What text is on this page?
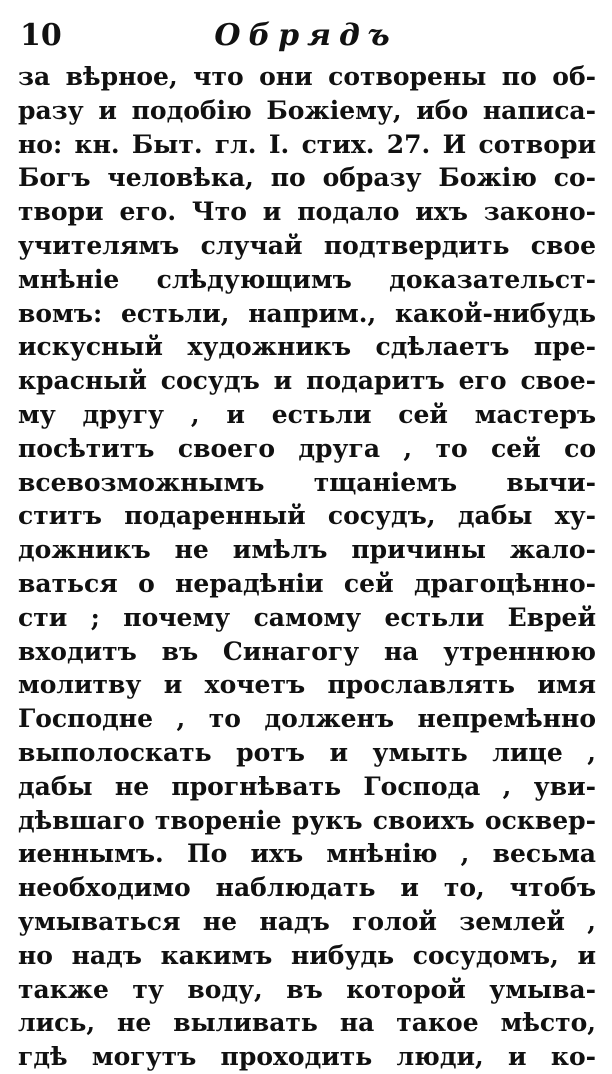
10	Обрядъ
за вѣрное, что они сотворены по об-
разу и подобію Божіему, ибо написа-
но: кн. Быт. гл. I. стих. 27. И сотвори
Богъ человѣка, по образу Божію со-
твори его. Что и подало ихъ законо-
учителямъ случай подтвердить свое
мнѣніе слѣдующимъ доказательст-
вомъ: естьли, наприм., какой-нибудь
искусный художникъ сдѣлаетъ пре-
красный сосудъ и подаритъ его свое-
му другу , и естьли сей мастеръ
посѣтитъ своего друга , то сей со
всевозможнымъ тщаніемъ вычи-
ститъ подаренный сосудъ, дабы ху-
дожникъ не имѣлъ причины жало-
ваться о нерадѣніи сей драгоцѣнно-
сти ; почему самому естьли Еврей
входитъ въ Синагогу на утреннюю
молитву и хочетъ прославлять имя
Господне , то долженъ непремѣнно
выполоскать ротъ и умыть лице ,
дабы не прогнѣвать Господа , уви-
дѣвшаго твореніе рукъ своихъ осквер-
иеннымъ. По ихъ мнѣнію , весьма
необходимо наблюдать и то, чтобъ
умываться не надъ голой землей ,
но надъ какимъ нибудь сосудомъ, и
также ту воду, въ которой умыва-
лись, не выливать на такое мѣсто,
гдѣ могутъ проходить люди, и ко-
